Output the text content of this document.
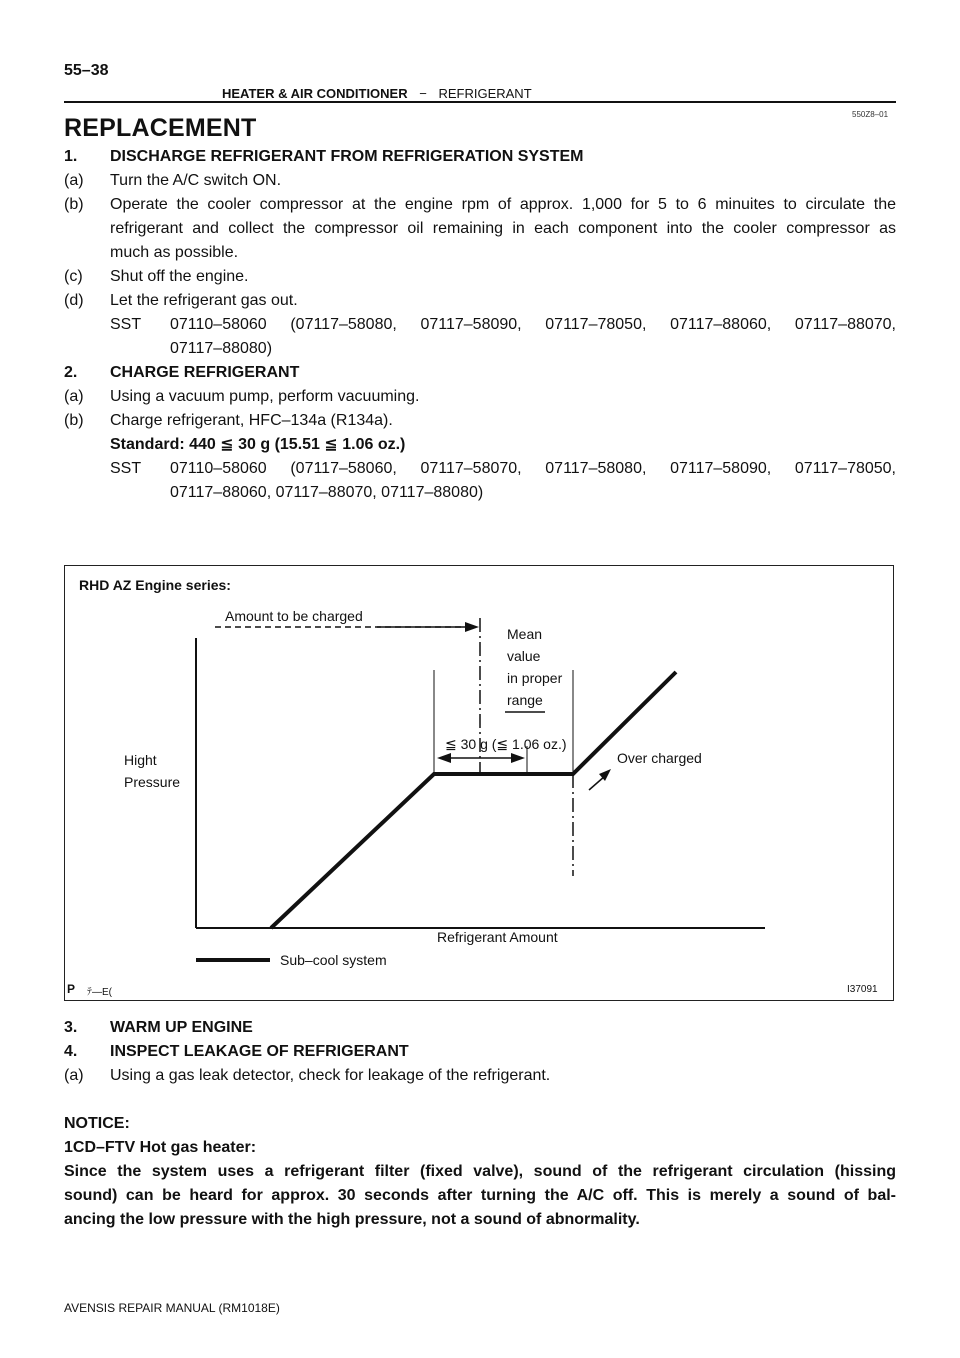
55–38
HEATER & AIR CONDITIONER − REFRIGERANT
550Z8–01
REPLACEMENT
1. DISCHARGE REFRIGERANT FROM REFRIGERATION SYSTEM
(a) Turn the A/C switch ON.
(b) Operate the cooler compressor at the engine rpm of approx. 1,000 for 5 to 6 minuites to circulate the
refrigerant and collect the compressor oil remaining in each component into the cooler compressor as
much as possible.
(c) Shut off the engine.
(d) Let the refrigerant gas out.
SST 07110–58060 (07117–58080, 07117–58090, 07117–78050, 07117–88060, 07117–88070,
07117–88080)
2. CHARGE REFRIGERANT
(a) Using a vacuum pump, perform vacuuming.
(b) Charge refrigerant, HFC–134a (R134a).
Standard: 440 ≦ 30 g (15.51 ≦ 1.06 oz.)
SST 07110–58060 (07117–58060, 07117–58070, 07117–58080, 07117–58090, 07117–78050,
07117–88060, 07117–88070, 07117–88080)
RHD AZ Engine series:
Amount to be charged
Mean
value
in proper
range
≦ 30 g (≦ 1.06 oz.)
Over charged
Hight
Pressure
Refrigerant Amount
Sub–cool system
P ﾃ—E(	I37091
3. WARM UP ENGINE
4. INSPECT LEAKAGE OF REFRIGERANT
(a) Using a gas leak detector, check for leakage of the refrigerant.
NOTICE:
1CD–FTV Hot gas heater:
Since the system uses a refrigerant filter (fixed valve), sound of the refrigerant circulation (hissing
sound) can be heard for approx. 30 seconds after turning the A/C off. This is merely a sound of bal-
ancing the low pressure with the high pressure, not a sound of abnormality.
AVENSIS REPAIR MANUAL (RM1018E)
